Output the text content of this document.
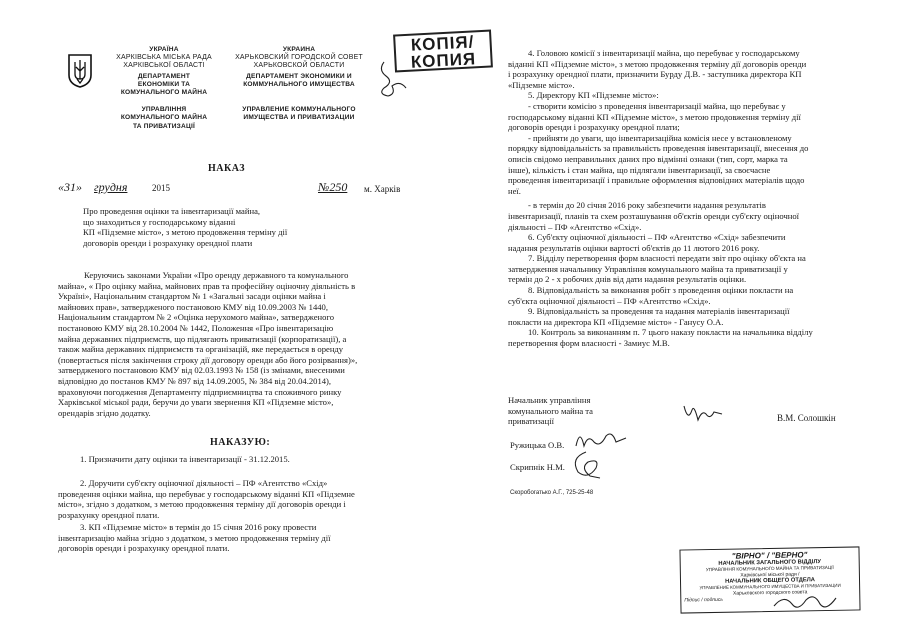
УКРАЇНА
ХАРКІВСЬКА МІСЬКА РАДА
ХАРКІВСЬКОЇ ОБЛАСТІ
ДЕПАРТАМЕНТ
ЕКОНОМІКИ ТА
КОМУНАЛЬНОГО МАЙНА
УПРАВЛІННЯ
КОМУНАЛЬНОГО МАЙНА
ТА ПРИВАТИЗАЦІЇ
УКРАИНА
ХАРЬКОВСКИЙ ГОРОДСКОЙ СОВЕТ
ХАРЬКОВСКОЙ ОБЛАСТИ
ДЕПАРТАМЕНТ ЭКОНОМИКИ И
КОММУНАЛЬНОГО ИМУЩЕСТВА
УПРАВЛЕНИЕ КОММУНАЛЬНОГО
ИМУЩЕСТВА И ПРИВАТИЗАЦИИ
КОПІЯ/
КОПИЯ
НАКАЗ
«31» грудня	2015	№250 м. Харків
Про проведення оцінки та інвентаризації майна,
що знаходиться у господарському віданні
КП «Підземне місто», з метою продовження терміну дії
договорів оренди і розрахунку орендної плати
Керуючись законами України «Про оренду державного та комунального
майна», « Про оцінку майна, майнових прав та професійну оціночну діяльність в
Україні», Національним стандартом № 1 «Загальні засади оцінки майна і
майнових прав», затвердженого постановою КМУ від 10.09.2003 № 1440,
Національним стандартом № 2 «Оцінка нерухомого майна», затвердженого
постановою КМУ від 28.10.2004 № 1442, Положення «Про інвентаризацію
майна державних підприємств, що підлягають приватизації (корпоратизації), а
також майна державних підприємств та організацій, яке передається в оренду
(повертається після закінчення строку дії договору оренди або його розірвання)»,
затвердженого постановою КМУ від 02.03.1993 № 158 (із змінами, внесеними
відповідно до постанов КМУ № 897 від 14.09.2005, № 384 від 20.04.2014),
враховуючи погодження Департаменту підприємництва та споживчого ринку
Харківської міської ради, беручи до уваги звернення КП «Підземне місто»,
орендарів згідно додатку.
НАКАЗУЮ:
1. Призначити дату оцінки та інвентаризації - 31.12.2015.
2. Доручити суб'єкту оціночної діяльності – ПФ «Агентство «Схід»
проведення оцінки майна, що перебуває у господарському віданні КП «Підземне
місто», згідно з додатком, з метою продовження терміну дії договорів оренди і
розрахунку орендної плати.
3. КП «Підземне місто» в термін до 15 січня 2016 року провести
інвентаризацію майна згідно з додатком, з метою продовження терміну дії
договорів оренди і розрахунку орендної плати.
4. Головою комісії з інвентаризації майна, що перебуває у господарському
віданні КП «Підземне місто», з метою продовження терміну дії договорів оренди
і розрахунку орендної плати, призначити Бурду Д.В. - заступника директора КП
«Підземне місто».
5. Директору КП «Підземне місто»:
- створити комісію з проведення інвентаризації майна, що перебуває у
господарському віданні КП «Підземне місто», з метою продовження терміну дії
договорів оренди і розрахунку орендної плати;
- прийняти до уваги, що інвентаризаційна комісія несе у встановленому
порядку відповідальність за правильність проведення інвентаризації, внесення до
описів свідомо неправильних даних про відмінні ознаки (тип, сорт, марка та
інше), кількість і стан майна, що підлягали інвентаризації, за своєчасне
проведення інвентаризації і правильне оформлення відповідних матеріалів щодо
неї.
- в термін до 20 січня 2016 року забезпечити надання результатів
інвентаризації, планів та схем розташування об'єктів оренди суб'єкту оціночної
діяльності – ПФ «Агентство «Схід».
6. Суб'єкту оціночної діяльності – ПФ «Агентство «Схід» забезпечити
надання результатів оцінки вартості об'єктів до 11 лютого 2016 року.
7. Відділу перетворення форм власності передати звіт про оцінку об'єкта на
затвердження начальнику Управління комунального майна та приватизації у
термін до 2 - х робочих днів від дати надання результатів оцінки.
8. Відповідальність за виконання робіт з проведення оцінки покласти на
суб'єкта оціночної діяльності – ПФ «Агентство «Схід».
9. Відповідальність за проведення та надання матеріалів інвентаризації
покласти на директора КП «Підземне місто» - Ганусу О.А.
10. Контроль за виконанням п. 7 цього наказу покласти на начальника відділу
перетворення форм власності - Замиус М.В.
Начальник управління
комунального майна та
приватизації	В.М. Солошкін
Ружицька О.В.
Скрипнік Н.М.
Скоробогатько А.Г., 725-25-48
"ВІРНО" / "ВЕРНО"
НАЧАЛЬНИК ЗАГАЛЬНОГО ВІДДІЛУ
УПРАВЛІННЯ КОМУНАЛЬНОГО МАЙНА ТА ПРИВАТИЗАЦІЇ
Харківської міської ради /
НАЧАЛЬНИК ОБЩЕГО ОТДЕЛА
УПРАВЛЕНИЕ КОММУНАЛЬНОГО ИМУЩЕСТВА И ПРИВАТИЗАЦИИ
Харьковского городского совета
Підпис / подпись
